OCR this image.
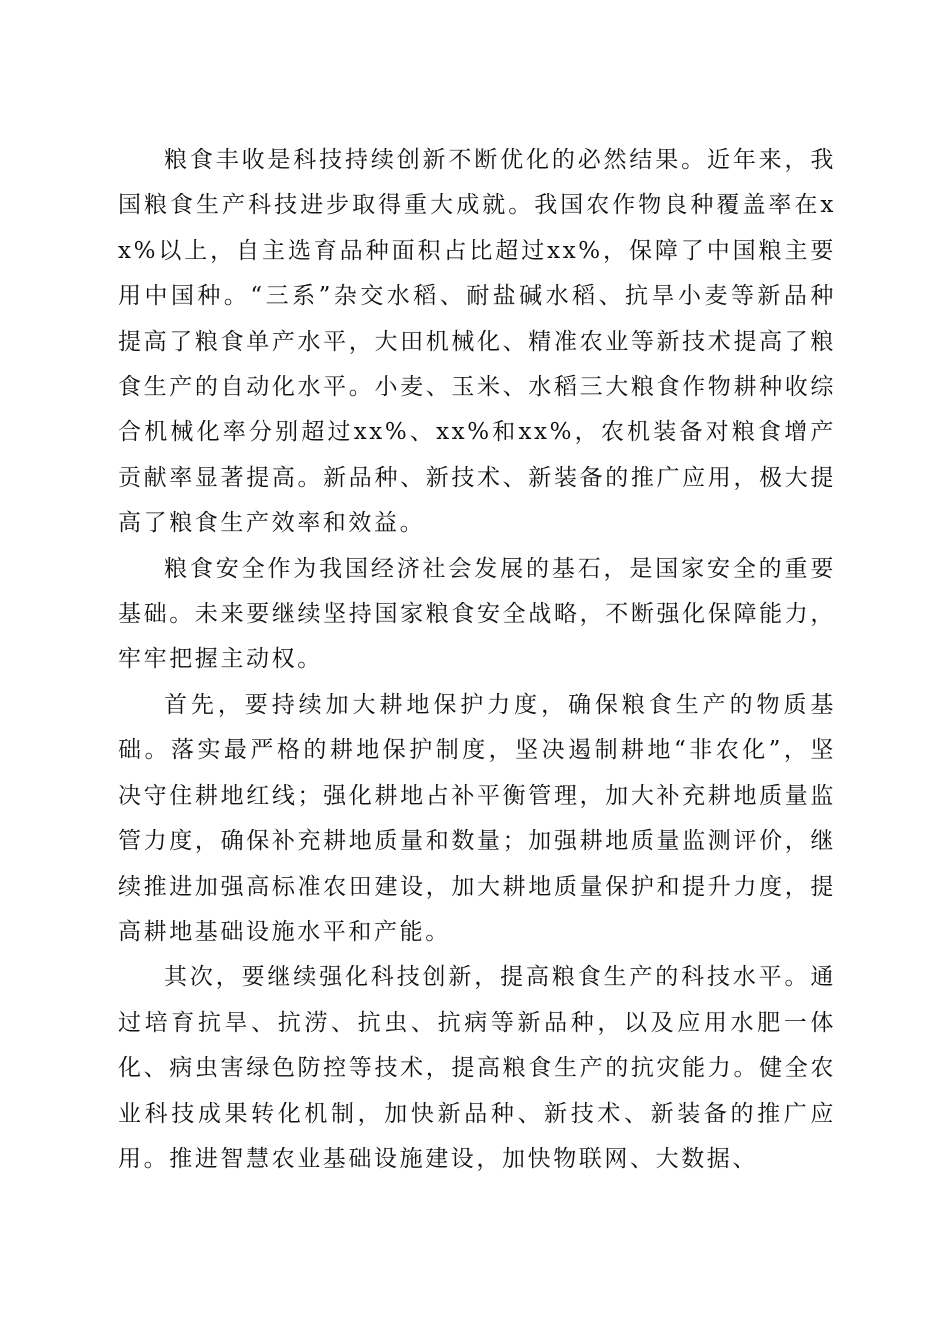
粮食丰收是科技持续创新不断优化的必然结果。近年来，我国粮食生产科技进步取得重大成就。我国农作物良种覆盖率在xx%以上，自主选育品种面积占比超过xx%，保障了中国粮主要用中国种。“三系”杂交水稻、耐盐碱水稻、抗旱小麦等新品种提高了粮食单产水平，大田机械化、精准农业等新技术提高了粮食生产的自动化水平。小麦、玉米、水稻三大粮食作物耕种收综合机械化率分别超过xx%、xx%和xx%，农机装备对粮食增产贡献率显著提高。新品种、新技术、新装备的推广应用，极大提高了粮食生产效率和效益。

粮食安全作为我国经济社会发展的基石，是国家安全的重要基础。未来要继续坚持国家粮食安全战略，不断强化保障能力，牢牢把握主动权。

首先，要持续加大耕地保护力度，确保粮食生产的物质基础。落实最严格的耕地保护制度，坚决遏制耕地“非农化”，坚决守住耕地红线；强化耕地占补平衡管理，加大补充耕地质量监管力度，确保补充耕地质量和数量；加强耕地质量监测评价，继续推进加强高标准农田建设，加大耕地质量保护和提升力度，提高耕地基础设施水平和产能。

其次，要继续强化科技创新，提高粮食生产的科技水平。通过培育抗旱、抗涝、抗虫、抗病等新品种，以及应用水肥一体化、病虫害绿色防控等技术，提高粮食生产的抗灾能力。健全农业科技成果转化机制，加快新品种、新技术、新装备的推广应用。推进智慧农业基础设施建设，加快物联网、大数据、
